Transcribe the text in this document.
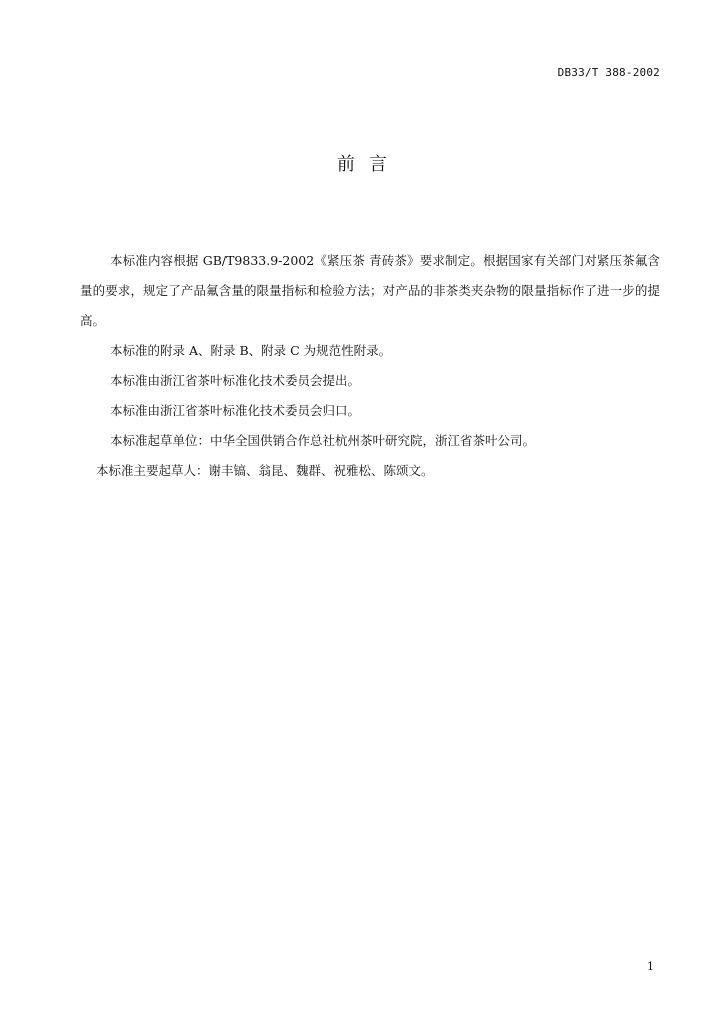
DB33/T 388-2002
前言

本标准内容根据 GB/T9833.9-2002《紧压茶 青砖茶》要求制定。根据国家有关部门对紧压茶氟含量的要求，规定了产品氟含量的限量指标和检验方法；对产品的非茶类夹杂物的限量指标作了进一步的提高。

本标准的附录 A、附录 B、附录 C 为规范性附录。

本标准由浙江省茶叶标准化技术委员会提出。

本标准由浙江省茶叶标准化技术委员会归口。

本标准起草单位：中华全国供销合作总社杭州茶叶研究院，浙江省茶叶公司。

本标准主要起草人：谢丰镐、翁昆、魏群、祝雅松、陈颂文。

1
